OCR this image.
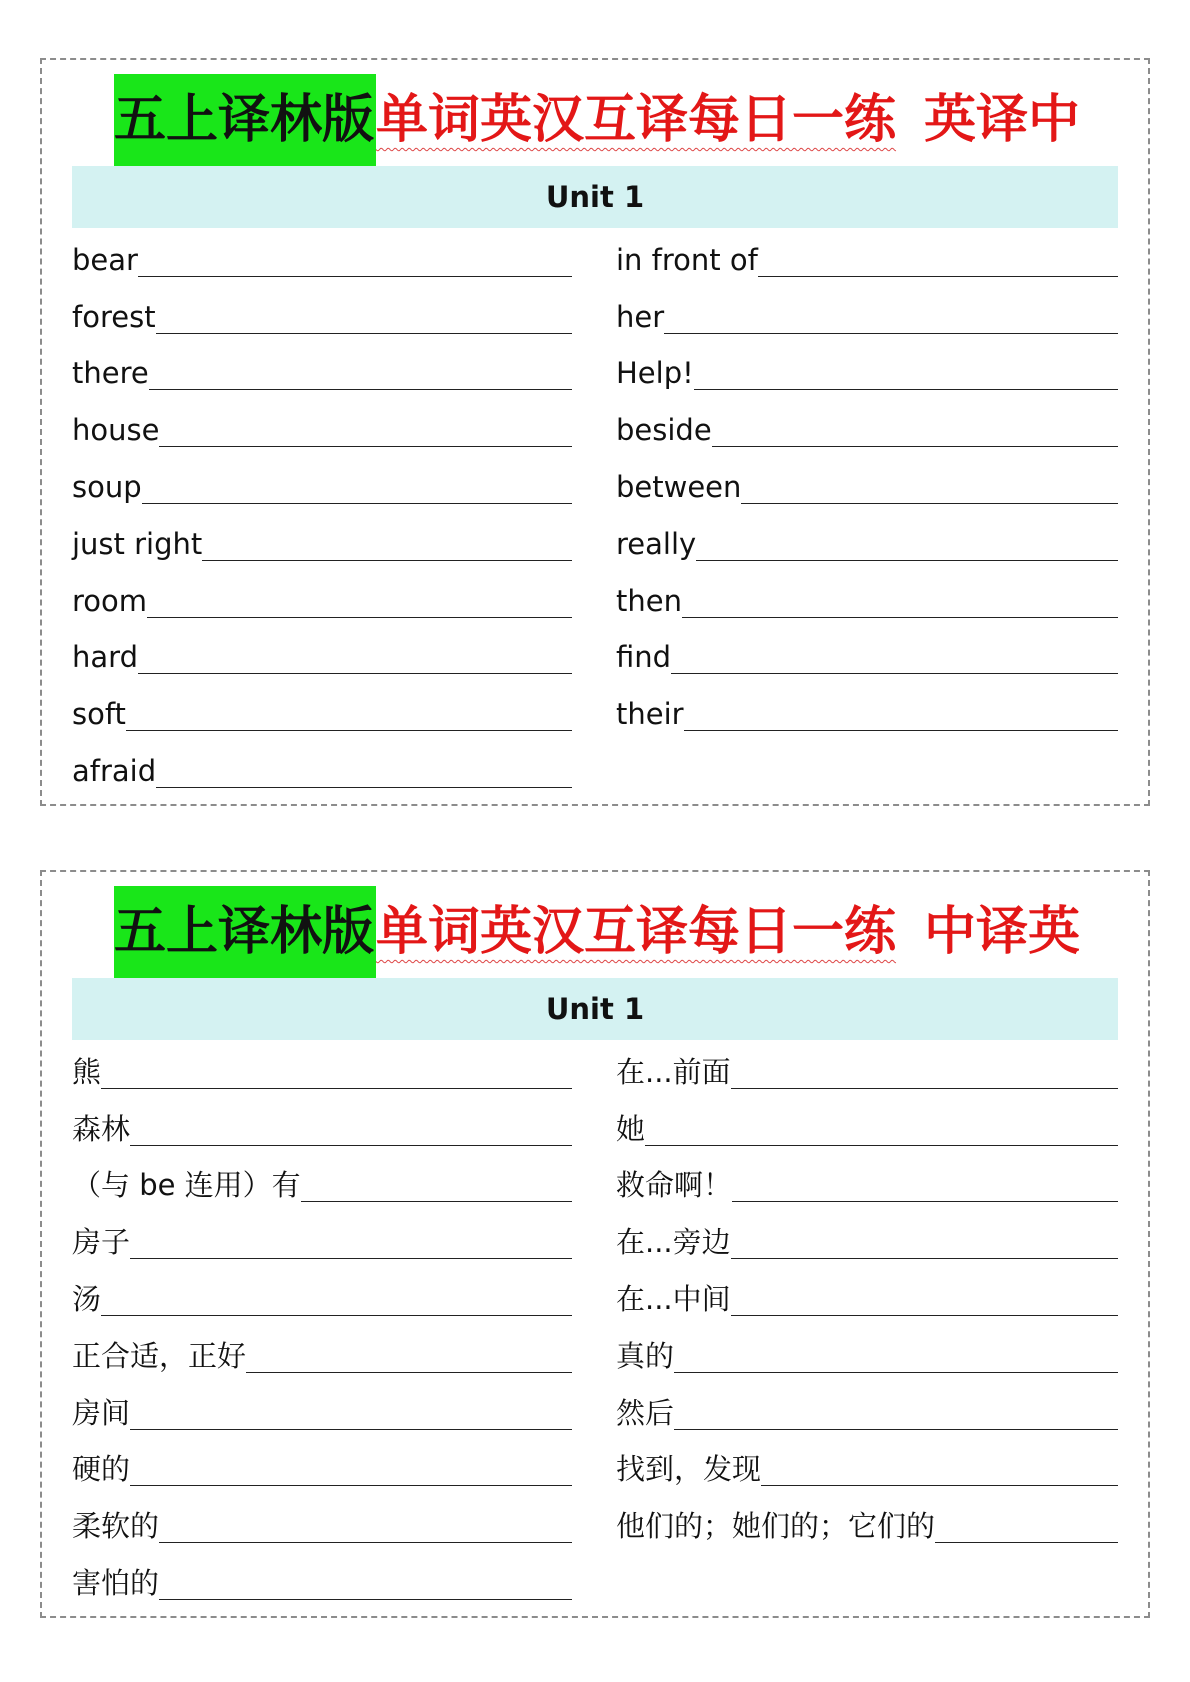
五上译林版 单词英汉互译每日一练 英译中
Unit 1
bear	in front of
forest	her
there	Help!
house	beside
soup	between
just right	really
room	then
hard	find
soft	their
afraid
五上译林版 单词英汉互译每日一练 中译英
Unit 1
熊	在...前面
森林	她
（与 be 连用）有	救命啊！
房子	在...旁边
汤	在...中间
正合适，正好	真的
房间	然后
硬的	找到，发现
柔软的	他们的；她们的；它们的
害怕的
